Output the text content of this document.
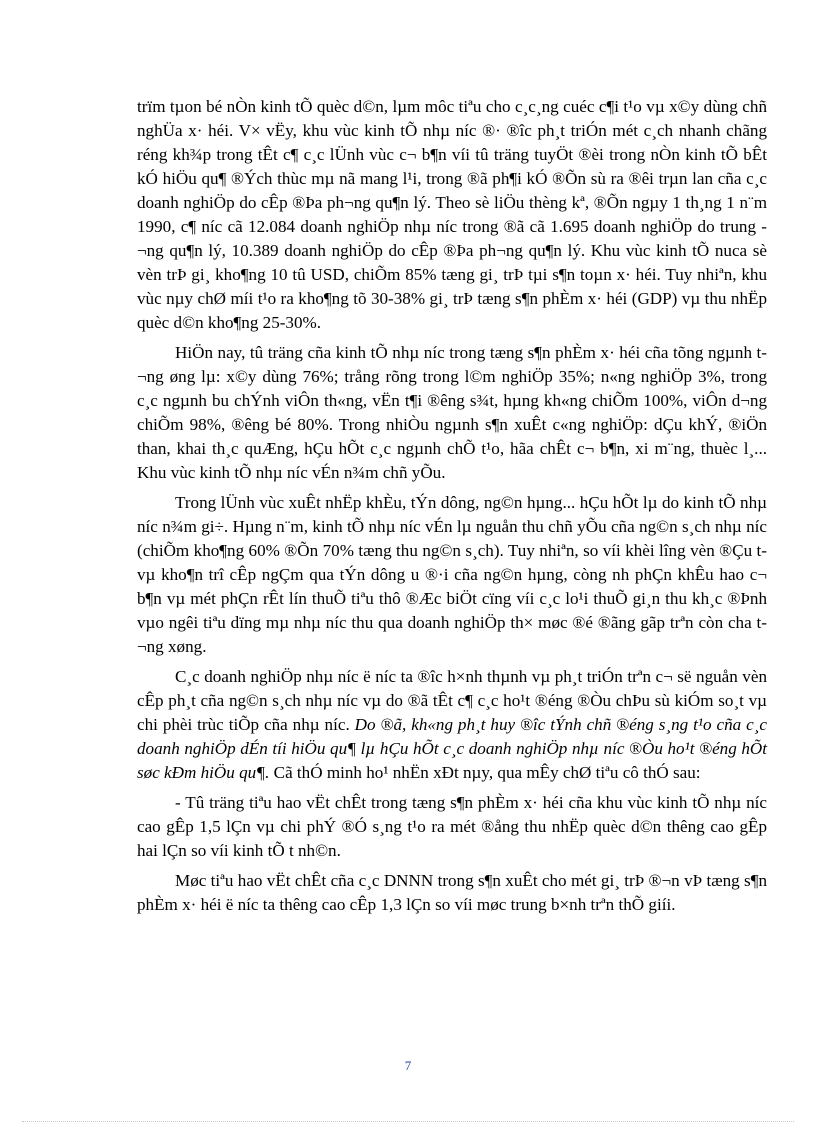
trïm tµon bé nÒn kinh tÕ quèc d©n, lµm môc tiªu cho c¸c¸ng cuéc c¶i t¹o vµ x©y dùng chñ nghÜa x· héi. V× vËy, khu vùc kinh tÕ nhµ níc ®· ®îc ph¸t triÓn mét c¸ch nhanh chãng réng kh¾p trong tÊt c¶ c¸c lÜnh vùc c¬ b¶n víi tû träng tuyÖt ®èi trong nÒn kinh tÕ bÊt kÓ hiÖu qu¶ ®Ých thùc mµ nã mang l¹i, trong ®ã ph¶i kÓ ®Õn sù ra ®êi trµn lan cña c¸c doanh nghiÖp do cÊp ®Þa ph¬ng qu¶n lý. Theo sè liÖu thèng kª, ®Õn ngµy 1 th¸ng 1 n¨m 1990, c¶ níc cã 12.084 doanh nghiÖp nhµ níc trong ®ã cã 1.695 doanh nghiÖp do trung ¬ng qu¶n lý, 10.389 doanh nghiÖp do cÊp ®Þa ph¬ng qu¶n lý. Khu vùc kinh tÕ nuca sè vèn trÞ gi¸ kho¶ng 10 tû USD, chiÕm 85% tæng gi¸ trÞ tµi s¶n toµn x· héi. Tuy nhiªn, khu vùc nµy chØ míi t¹o ra kho¶ng tõ 30-38% gi¸ trÞ tæng s¶n phÈm x· héi (GDP) vµ thu nhËp quèc d©n kho¶ng 25-30%.

HiÖn nay, tû träng cña kinh tÕ nhµ níc trong tæng s¶n phÈm x· héi cña tõng ngµnh t¬ng øng lµ: x©y dùng 76%; trång rõng trong l©m nghiÖp 35%; n«ng nghiÖp 3%, trong c¸c ngµnh bu chÝnh viÔn th«ng, vËn t¶i ®êng s¾t, hµng kh«ng chiÕm 100%, viÔn d¬ng chiÕm 98%, ®êng bé 80%. Trong nhiÒu ngµnh s¶n xuÊt c«ng nghiÖp: dÇu khÝ, ®iÖn than, khai th¸c quÆng, hÇu hÕt c¸c ngµnh chÕ t¹o, hãa chÊt c¬ b¶n, xi m¨ng, thuèc l¸... Khu vùc kinh tÕ nhµ níc vÉn n¾m chñ yÕu.

Trong lÜnh vùc xuÊt nhËp khÈu, tÝn dông, ng©n hµng... hÇu hÕt lµ do kinh tÕ nhµ níc n¾m gi÷. Hµng n¨m, kinh tÕ nhµ níc vÉn lµ nguån thu chñ yÕu cña ng©n s¸ch nhµ níc (chiÕm kho¶ng 60% ®Õn 70% tæng thu ng©n s¸ch). Tuy nhiªn, so víi khèi lîng vèn ®Çu t vµ kho¶n trî cÊp ngÇm qua tÝn dông u ®·i cña ng©n hµng, còng nh phÇn khÊu hao c¬ b¶n vµ mét phÇn rÊt lín thuÕ tiªu thô ®Æc biÖt cïng víi c¸c lo¹i thuÕ gi¸n thu kh¸c ®Þnh vµo ngêi tiªu dïng mµ nhµ níc thu qua doanh nghiÖp th× møc ®é ®ãng gãp trªn còn cha t¬ng xøng.

C¸c doanh nghiÖp nhµ níc ë níc ta ®îc h×nh thµnh vµ ph¸t triÓn trªn c¬ së nguån vèn cÊp ph¸t cña ng©n s¸ch nhµ níc vµ do ®ã tÊt c¶ c¸c ho¹t ®éng ®Òu chÞu sù kiÓm so¸t vµ chi phèi trùc tiÕp cña nhµ níc. Do ®ã, kh«ng ph¸t huy ®îc tÝnh chñ ®éng s¸ng t¹o cña c¸c doanh nghiÖp dÉn tíi hiÖu qu¶ lµ hÇu hÕt c¸c doanh nghiÖp nhµ níc ®Òu ho¹t ®éng hÕt søc kÐm hiÖu qu¶. Cã thÓ minh ho¹ nhËn xÐt nµy, qua mÊy chØ tiªu cô thÓ sau:

- Tû träng tiªu hao vËt chÊt trong tæng s¶n phÈm x· héi cña khu vùc kinh tÕ nhµ níc cao gÊp 1,5 lÇn vµ chi phÝ ®Ó s¸ng t¹o ra mét ®ång thu nhËp quèc d©n thêng cao gÊp hai lÇn so víi kinh tÕ t nh©n.

Møc tiªu hao vËt chÊt cña c¸c DNNN trong s¶n xuÊt cho mét gi¸ trÞ ®¬n vÞ tæng s¶n phÈm x· héi ë níc ta thêng cao cÊp 1,3 lÇn so víi møc trung b×nh trªn thÕ giíi.

7
